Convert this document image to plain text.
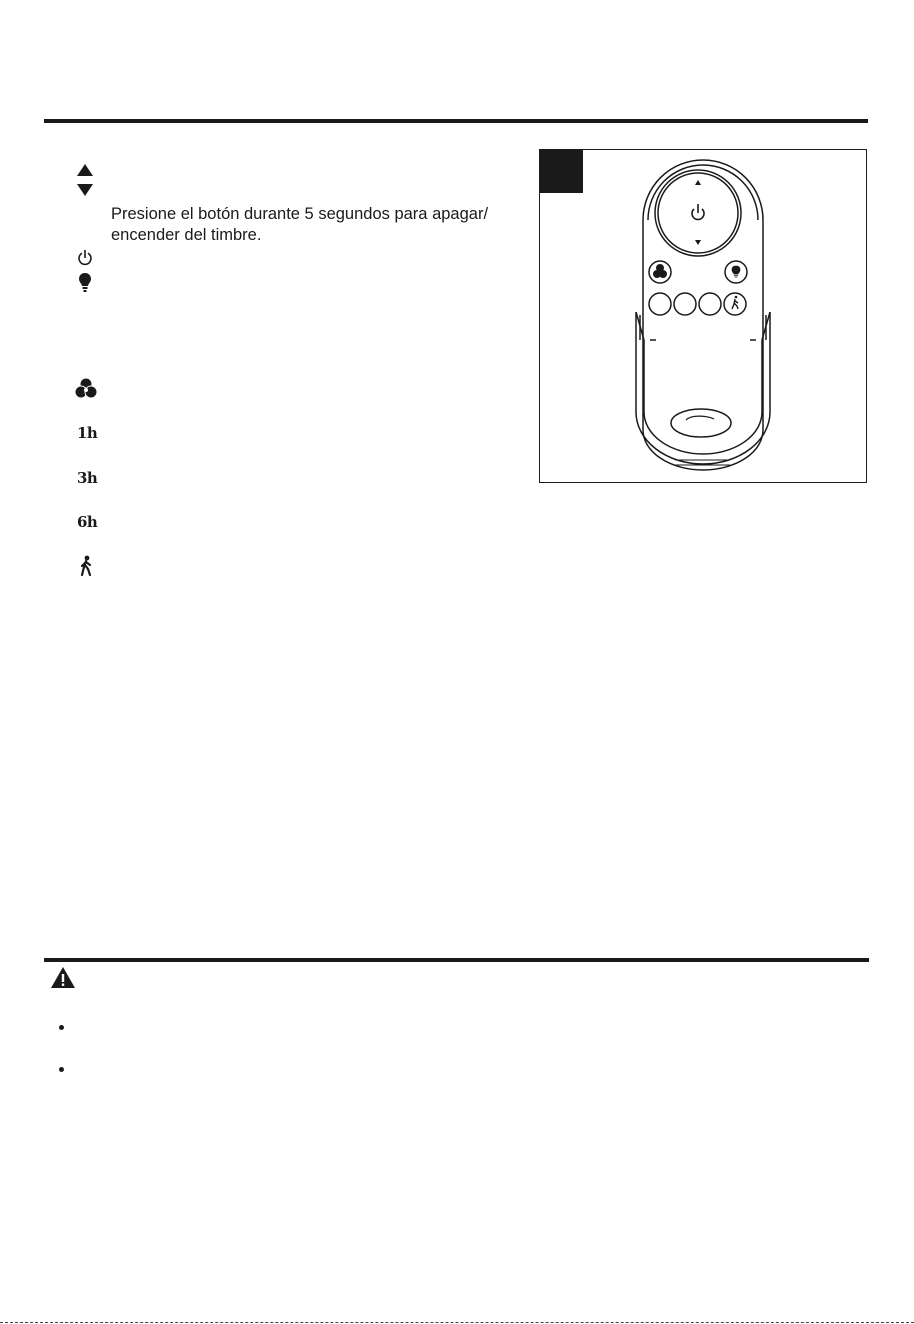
Presione el botón durante 5 segundos para apagar/
encender del timbre.
1h
3h
6h
